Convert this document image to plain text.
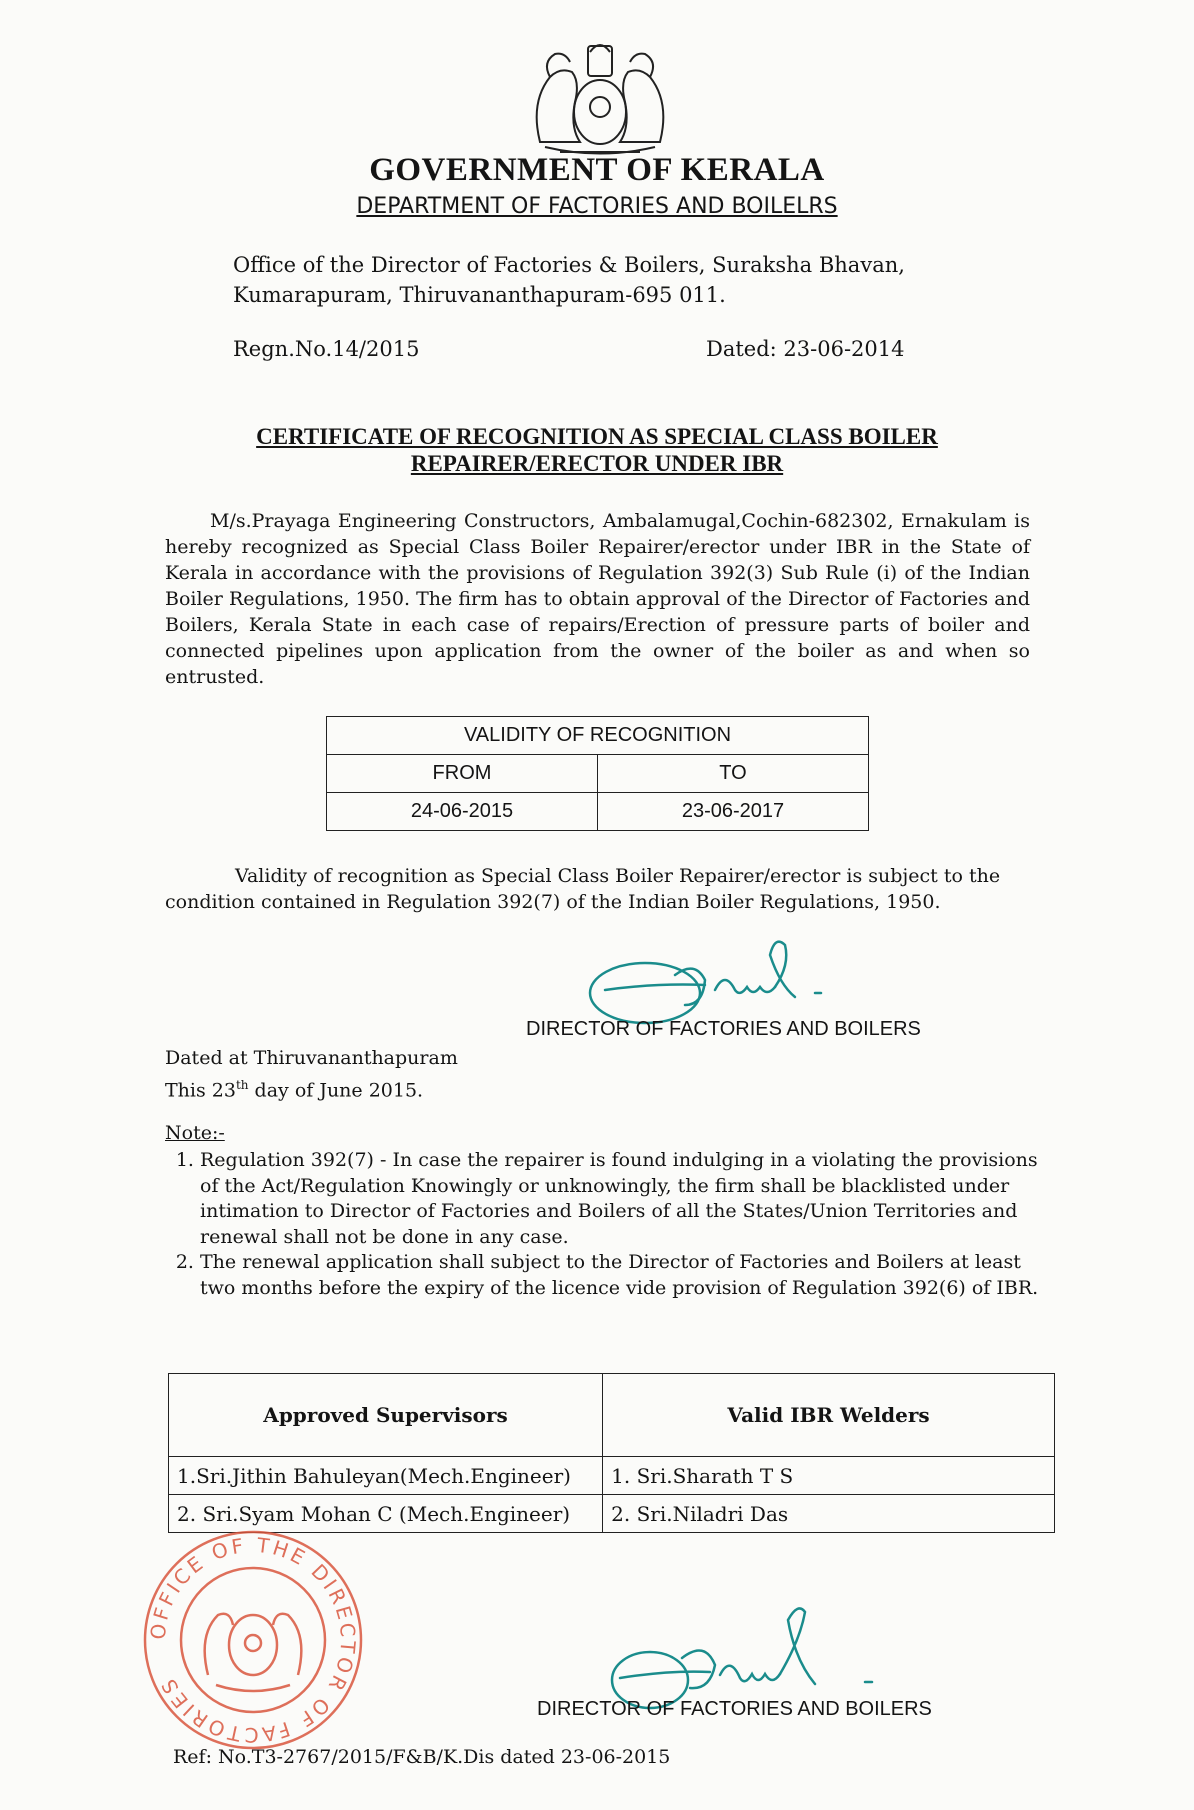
GOVERNMENT OF KERALA
DEPARTMENT OF FACTORIES AND BOILELRS
Office of the Director of Factories & Boilers, Suraksha Bhavan,
Kumarapuram, Thiruvananthapuram-695 011.
Regn.No.14/2015	Dated: 23-06-2014
CERTIFICATE OF RECOGNITION AS SPECIAL CLASS BOILER
REPAIRER/ERECTOR UNDER IBR
M/s.Prayaga Engineering Constructors, Ambalamugal,Cochin-682302, Ernakulam is hereby recognized as Special Class Boiler Repairer/erector under IBR in the State of Kerala in accordance with the provisions of Regulation 392(3) Sub Rule (i) of the Indian Boiler Regulations, 1950. The firm has to obtain approval of the Director of Factories and Boilers, Kerala State in each case of repairs/Erection of pressure parts of boiler and connected pipelines upon application from the owner of the boiler as and when so entrusted.
VALIDITY OF RECOGNITION	
FROM	TO
24-06-2015	23-06-2017
Validity of recognition as Special Class Boiler Repairer/erector is subject to the condition contained in Regulation 392(7) of the Indian Boiler Regulations, 1950.
DIRECTOR OF FACTORIES AND BOILERS
Dated at Thiruvananthapuram
This 23th day of June 2015.
Note:-
1. Regulation 392(7) - In case the repairer is found indulging in a violating the provisions of the Act/Regulation Knowingly or unknowingly, the firm shall be blacklisted under intimation to Director of Factories and Boilers of all the States/Union Territories and renewal shall not be done in any case.
2. The renewal application shall subject to the Director of Factories and Boilers at least two months before the expiry of the licence vide provision of Regulation 392(6) of IBR.
Approved Supervisors	Valid IBR Welders
1.Sri.Jithin Bahuleyan(Mech.Engineer)	1. Sri.Sharath T S
2. Sri.Syam Mohan C (Mech.Engineer)	2. Sri.Niladri Das
OFFICE OF THE DIRECTOR OF FACTORIES
DIRECTOR OF FACTORIES AND BOILERS
Ref: No.T3-2767/2015/F&B/K.Dis dated 23-06-2015
